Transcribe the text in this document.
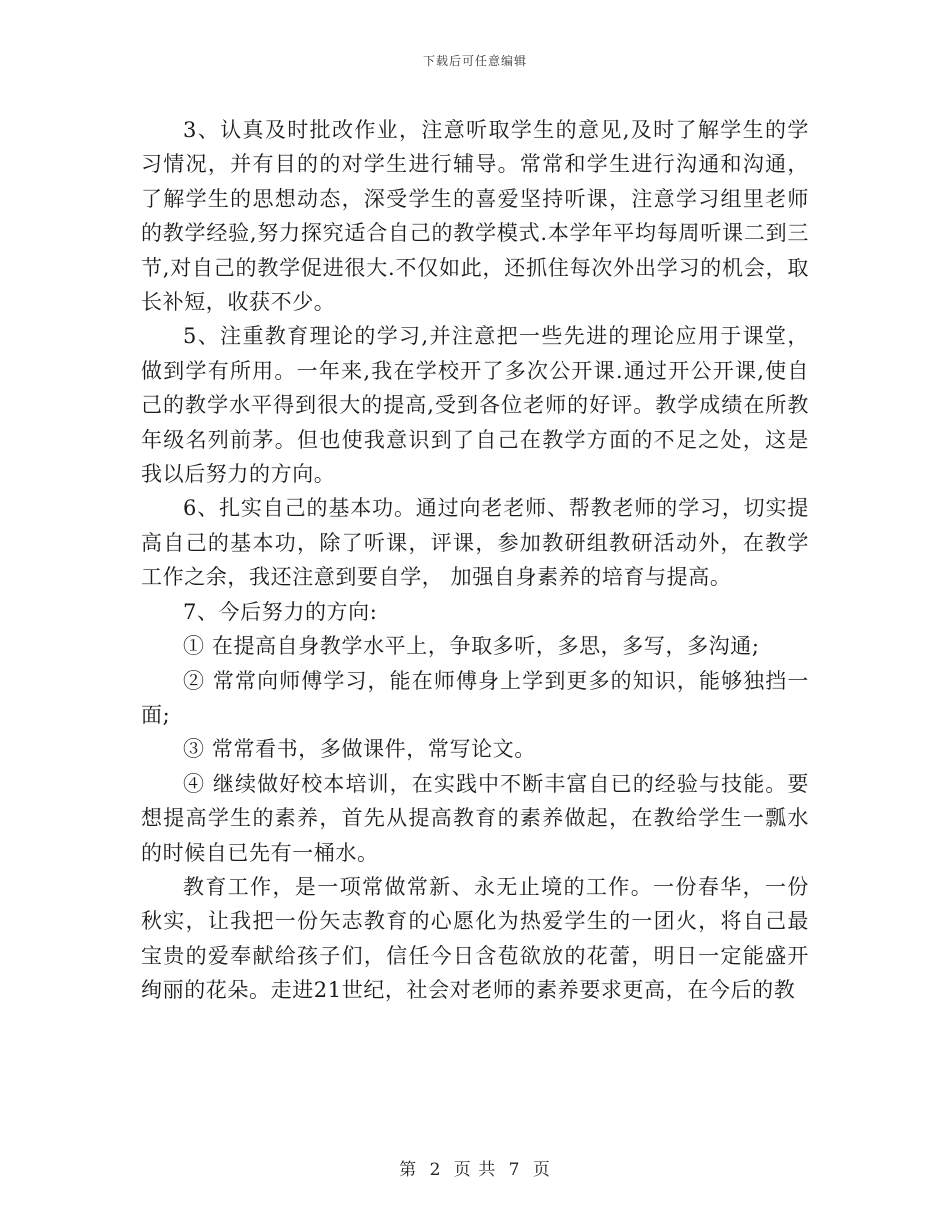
下载后可任意编辑

3、认真及时批改作业，注意听取学生的意见,及时了解学生的学习情况，并有目的的对学生进行辅导。常常和学生进行沟通和沟通，了解学生的思想动态，深受学生的喜爱坚持听课，注意学习组里老师的教学经验,努力探究适合自己的教学模式.本学年平均每周听课二到三节,对自己的教学促进很大.不仅如此，还抓住每次外出学习的机会，取长补短，收获不少。

5、注重教育理论的学习,并注意把一些先进的理论应用于课堂，做到学有所用。一年来,我在学校开了多次公开课.通过开公开课,使自己的教学水平得到很大的提高,受到各位老师的好评。教学成绩在所教年级名列前茅。但也使我意识到了自己在教学方面的不足之处，这是我以后努力的方向。

6、扎实自己的基本功。通过向老老师、帮教老师的学习，切实提高自己的基本功，除了听课，评课，参加教研组教研活动外，在教学工作之余，我还注意到要自学， 加强自身素养的培育与提高。

7、今后努力的方向:

① 在提高自身教学水平上，争取多听，多思，多写，多沟通;

② 常常向师傅学习，能在师傅身上学到更多的知识，能够独挡一面;

③ 常常看书，多做课件，常写论文。

④ 继续做好校本培训，在实践中不断丰富自已的经验与技能。要想提高学生的素养，首先从提高教育的素养做起，在教给学生一瓢水的时候自已先有一桶水。

教育工作，是一项常做常新、永无止境的工作。一份春华，一份秋实，让我把一份矢志教育的心愿化为热爱学生的一团火，将自己最宝贵的爱奉献给孩子们，信任今日含苞欲放的花蕾，明日一定能盛开绚丽的花朵。走进21世纪，社会对老师的素养要求更高，在今后的教

第 2 页 共 7 页
